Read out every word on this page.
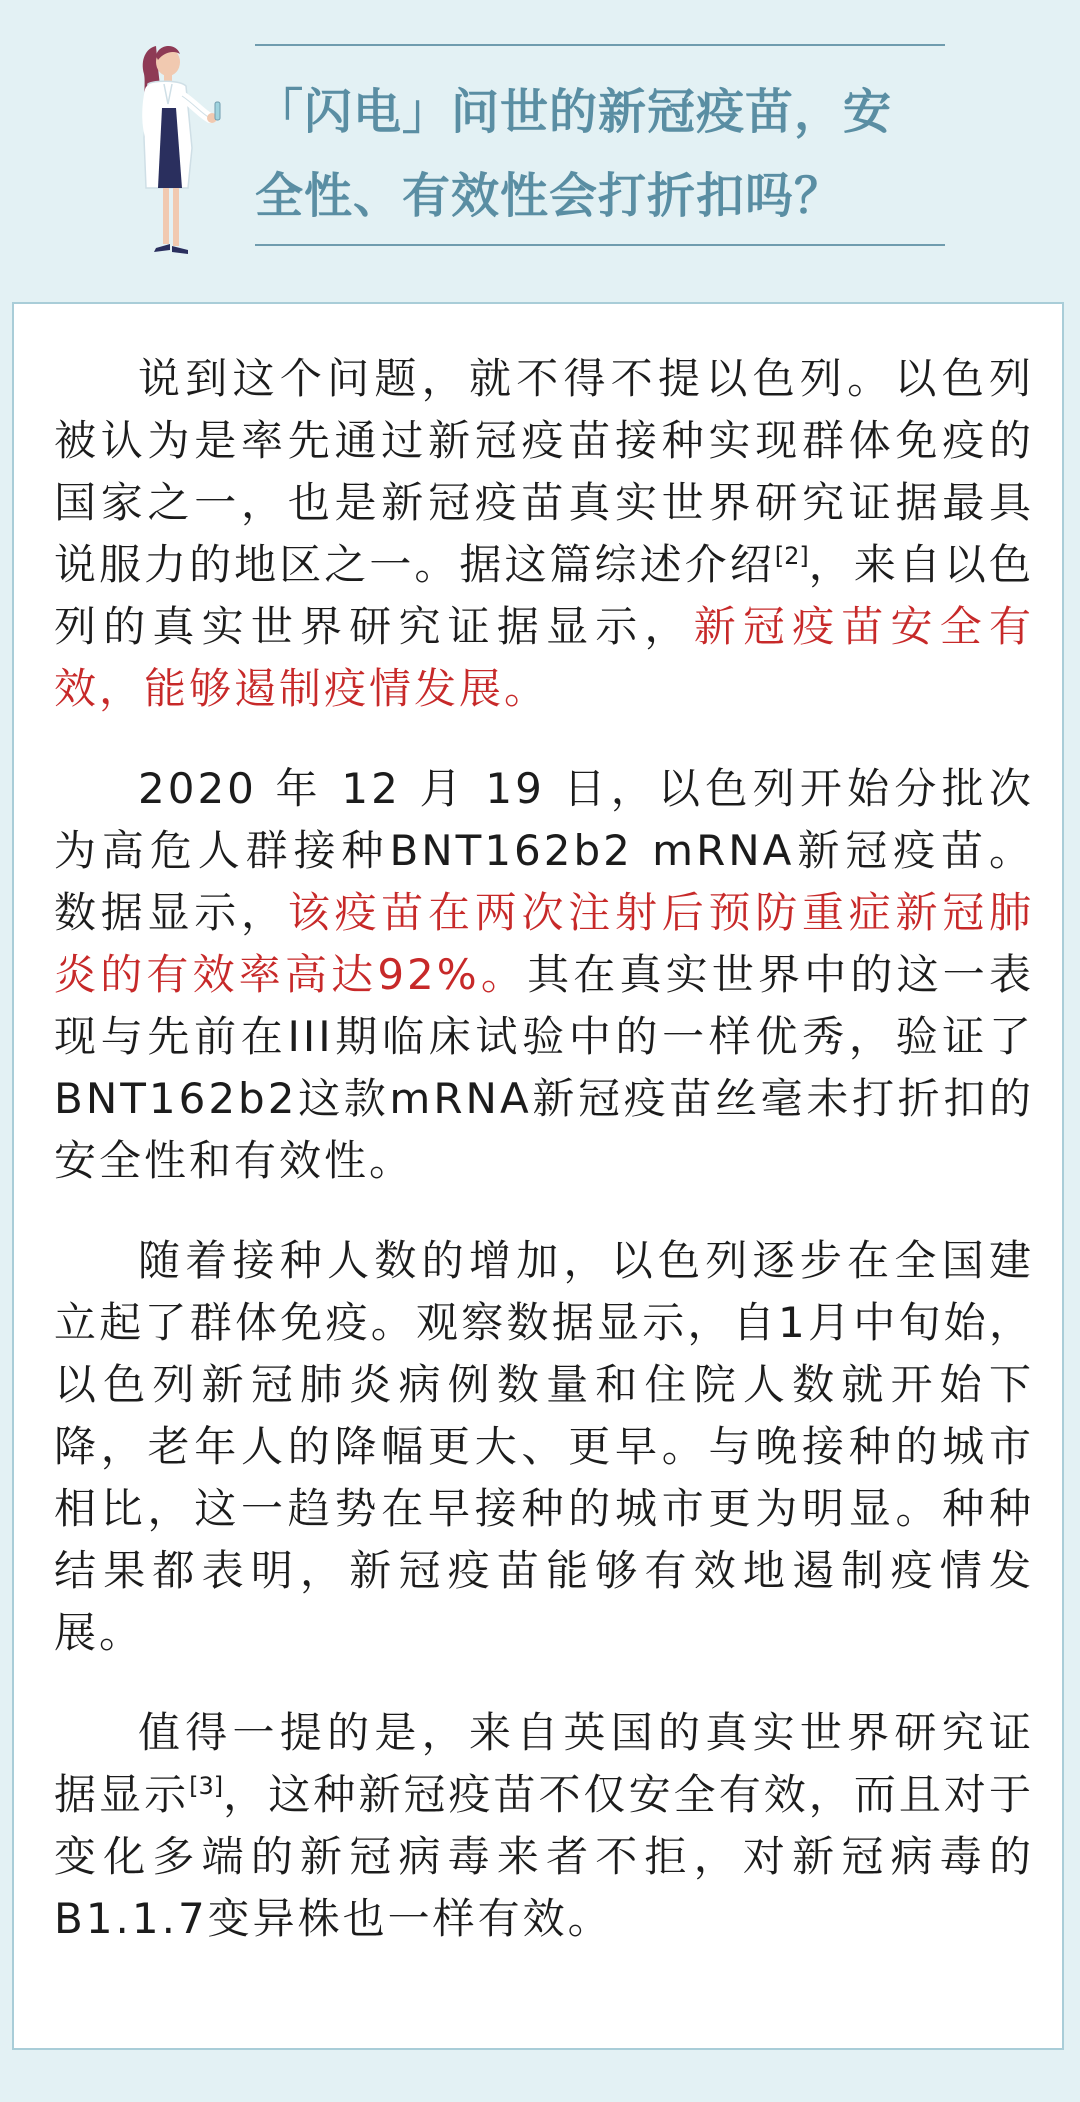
「闪电」问世的新冠疫苗，安
全性、有效性会打折扣吗？

说到这个问题，就不得不提以色列。以色列被认为是率先通过新冠疫苗接种实现群体免疫的国家之一，也是新冠疫苗真实世界研究证据最具说服力的地区之一。据这篇综述介绍[2]，来自以色列的真实世界研究证据显示，新冠疫苗安全有效，能够遏制疫情发展。

2020 年 12 月 19 日，以色列开始分批次为高危人群接种BNT162b2 mRNA新冠疫苗。数据显示，该疫苗在两次注射后预防重症新冠肺炎的有效率高达92%。其在真实世界中的这一表现与先前在III期临床试验中的一样优秀，验证了BNT162b2这款mRNA新冠疫苗丝毫未打折扣的安全性和有效性。

随着接种人数的增加，以色列逐步在全国建立起了群体免疫。观察数据显示，自1月中旬始，以色列新冠肺炎病例数量和住院人数就开始下降，老年人的降幅更大、更早。与晚接种的城市相比，这一趋势在早接种的城市更为明显。种种结果都表明，新冠疫苗能够有效地遏制疫情发展。

值得一提的是，来自英国的真实世界研究证据显示[3]，这种新冠疫苗不仅安全有效，而且对于变化多端的新冠病毒来者不拒，对新冠病毒的B1.1.7变异株也一样有效。
